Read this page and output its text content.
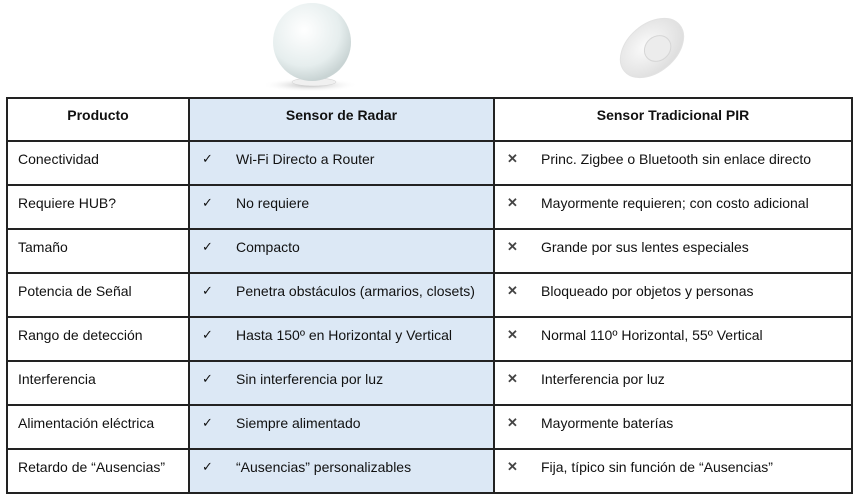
Producto	Sensor de Radar	Sensor Tradicional PIR
Conectividad	✓ Wi-Fi Directo a Router	✕ Princ. Zigbee o Bluetooth sin enlace directo

Requiere HUB?	✓ No requiere	✕ Mayormente requieren; con costo adicional

Tamaño	✓ Compacto	✕ Grande por sus lentes especiales

Potencia de Señal	✓ Penetra obstáculos (armarios, closets)	✕ Bloqueado por objetos y personas

Rango de detección	✓ Hasta 150º en Horizontal y Vertical	✕ Normal 110º Horizontal, 55º Vertical

Interferencia	✓ Sin interferencia por luz	✕ Interferencia por luz

Alimentación eléctrica	✓ Siempre alimentado	✕ Mayormente baterías

Retardo de “Ausencias”	✓ “Ausencias” personalizables	✕ Fija, típico sin función de “Ausencias”
